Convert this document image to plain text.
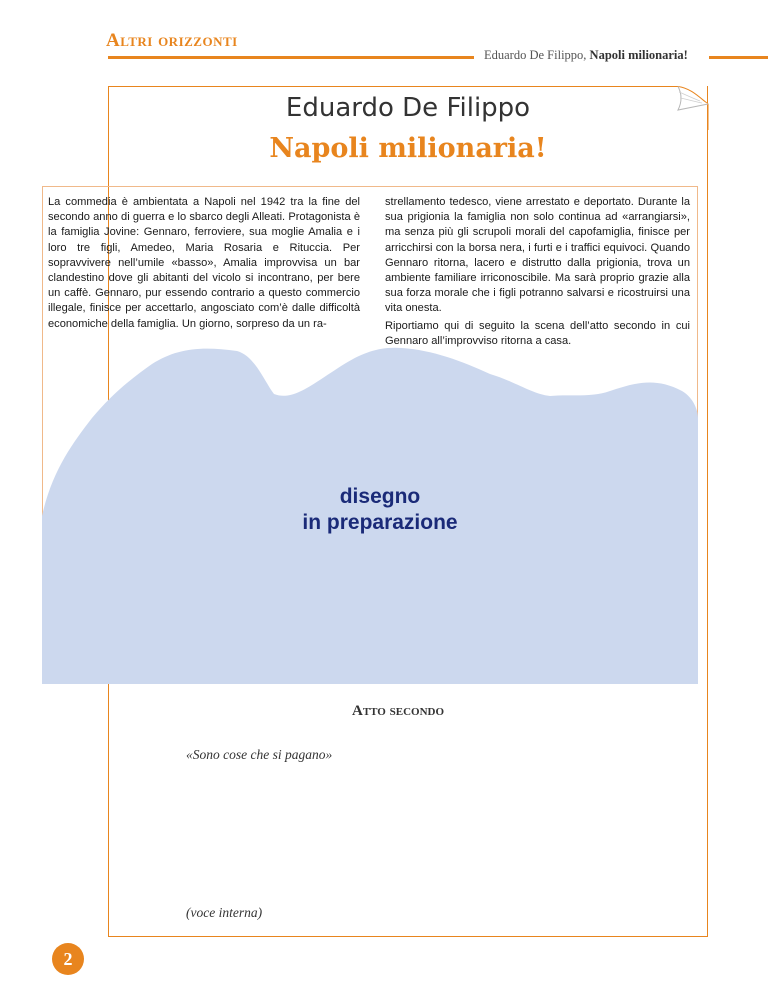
Altri orizzonti
Eduardo De Filippo, Napoli milionaria!
Eduardo De Filippo
Napoli milionaria!

La commedia è ambientata a Napoli nel 1942 tra la fine del secondo anno di guerra e lo sbarco degli Alleati. Protagonista è la famiglia Jovine: Gennaro, ferroviere, sua moglie Amalia e i loro tre figli, Amedeo, Maria Rosaria e Rituccia. Per sopravvivere nell’umile «basso», Amalia improvvisa un bar clandestino dove gli abitanti del vicolo si incontrano, per bere un caffè. Gennaro, pur essendo contrario a questo commercio illegale, finisce per accettarlo, angosciato com’è dalle difficoltà economiche della famiglia. Un giorno, sorpreso da un ra-

strellamento tedesco, viene arrestato e deportato. Durante la sua prigionia la famiglia non solo continua ad «arrangiarsi», ma senza più gli scrupoli morali del capofamiglia, finisce per arricchirsi con la borsa nera, i furti e i traffici equivoci. Quando Gennaro ritorna, lacero e distrutto dalla prigionia, trova un ambiente familiare irriconoscibile. Ma sarà proprio grazie alla sua forza morale che i figli potranno salvarsi e ricostruirsi una vita onesta.

Riportiamo qui di seguito la scena dell’atto secondo in cui Gennaro all’improvviso ritorna a casa.

disegno
in preparazione
Atto secondo
«Sono cose che si pagano»
(voce interna)
2
